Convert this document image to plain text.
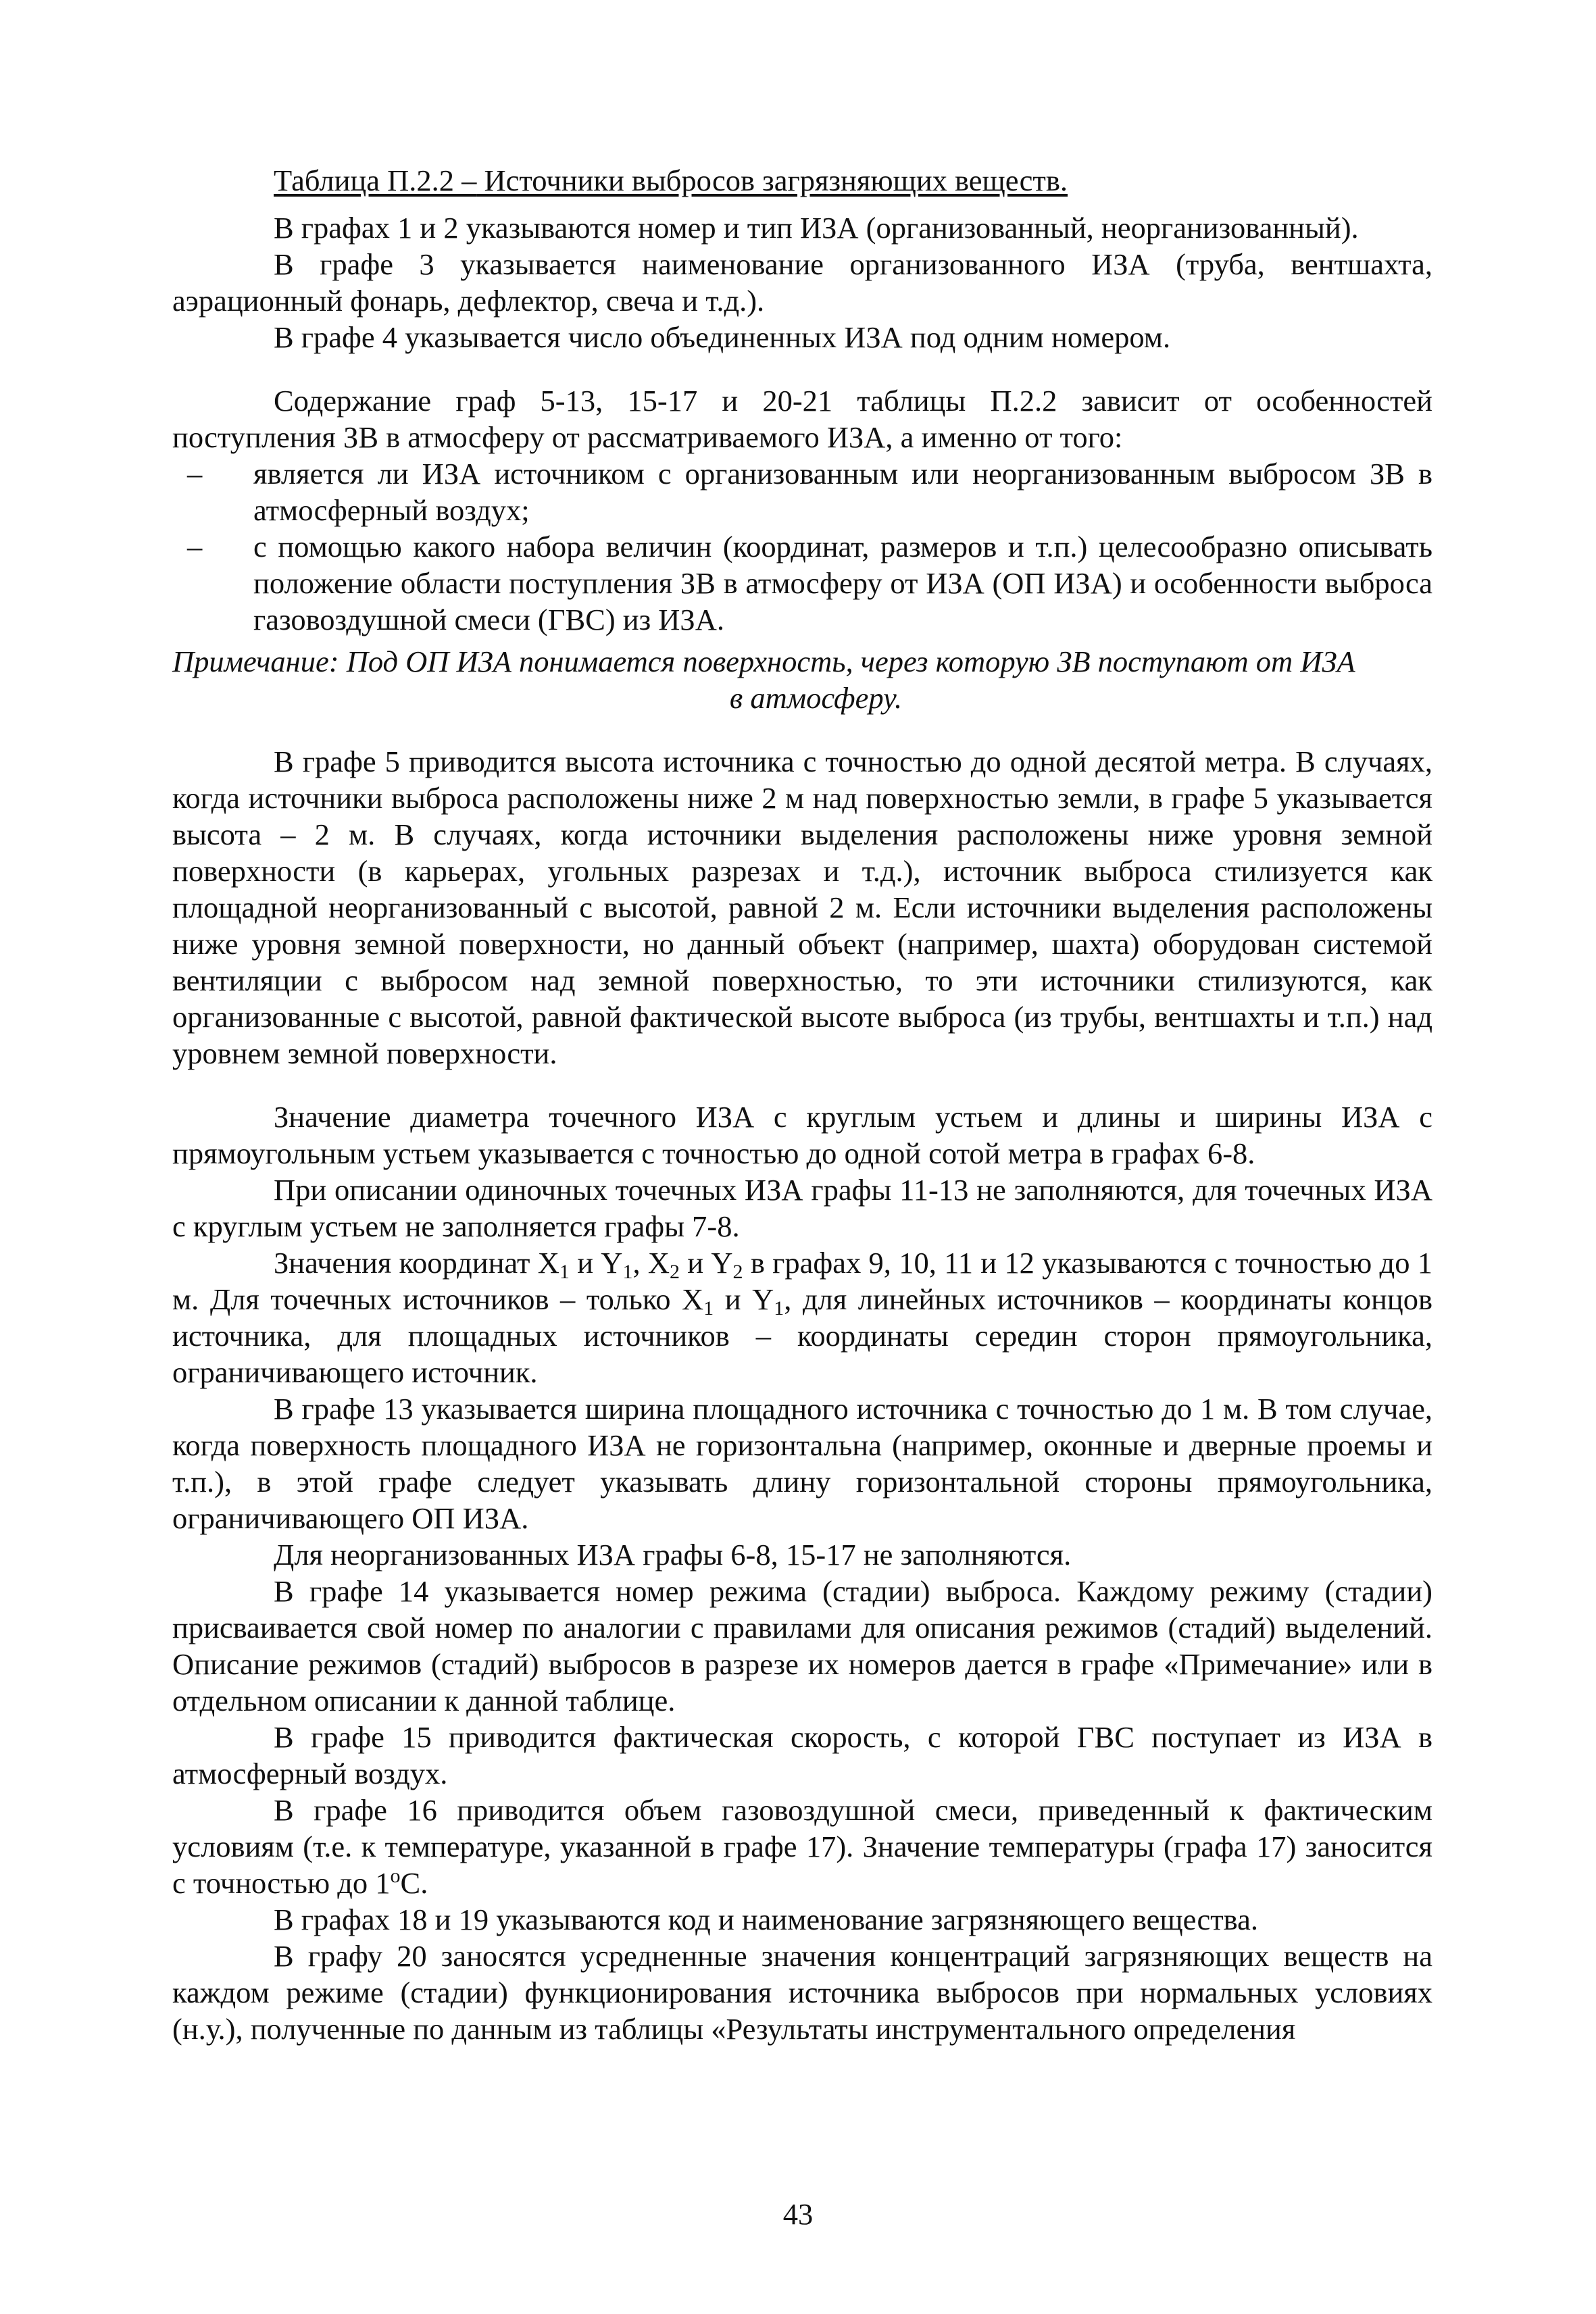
Таблица П.2.2 – Источники выбросов загрязняющих веществ.

В графах 1 и 2 указываются номер и тип ИЗА (организованный, неорганизованный).

В графе 3 указывается наименование организованного ИЗА (труба, вентшахта, аэрационный фонарь, дефлектор, свеча и т.д.).

В графе 4 указывается число объединенных ИЗА под одним номером.

Содержание граф 5-13, 15-17 и 20-21 таблицы П.2.2 зависит от особенностей поступления ЗВ в атмосферу от рассматриваемого ИЗА, а именно от того:

– является ли ИЗА источником с организованным или неорганизованным выбросом ЗВ в атмосферный воздух;
– с помощью какого набора величин (координат, размеров и т.п.) целесообразно описывать положение области поступления ЗВ в атмосферу от ИЗА (ОП ИЗА) и особенности выброса газовоздушной смеси (ГВС) из ИЗА.

Примечание: Под ОП ИЗА понимается поверхность, через которую ЗВ поступают от ИЗА
в атмосферу.

В графе 5 приводится высота источника с точностью до одной десятой метра. В случаях, когда источники выброса расположены ниже 2 м над поверхностью земли, в графе 5 указывается высота – 2 м. В случаях, когда источники выделения расположены ниже уровня земной поверхности (в карьерах, угольных разрезах и т.д.), источник выброса стилизуется как площадной неорганизованный с высотой, равной 2 м. Если источники выделения расположены ниже уровня земной поверхности, но данный объект (например, шахта) оборудован системой вентиляции с выбросом над земной поверхностью, то эти источники стилизуются, как организованные с высотой, равной фактической высоте выброса (из трубы, вентшахты и т.п.) над уровнем земной поверхности.

Значение диаметра точечного ИЗА с круглым устьем и длины и ширины ИЗА с прямоугольным устьем указывается с точностью до одной сотой метра в графах 6-8.

При описании одиночных точечных ИЗА графы 11-13 не заполняются, для точечных ИЗА с круглым устьем не заполняется графы 7-8.

Значения координат $X_1$ и $Y_1$, $X_2$ и $Y_2$ в графах 9, 10, 11 и 12 указываются с точностью до 1 м. Для точечных источников – только $X_1$ и $Y_1$, для линейных источников – координаты концов источника, для площадных источников – координаты середин сторон прямоугольника, ограничивающего источник.

В графе 13 указывается ширина площадного источника с точностью до 1 м. В том случае, когда поверхность площадного ИЗА не горизонтальна (например, оконные и дверные проемы и т.п.), в этой графе следует указывать длину горизонтальной стороны прямоугольника, ограничивающего ОП ИЗА.

Для неорганизованных ИЗА графы 6-8, 15-17 не заполняются.

В графе 14 указывается номер режима (стадии) выброса. Каждому режиму (стадии) присваивается свой номер по аналогии с правилами для описания режимов (стадий) выделений. Описание режимов (стадий) выбросов в разрезе их номеров дается в графе «Примечание» или в отдельном описании к данной таблице.

В графе 15 приводится фактическая скорость, с которой ГВС поступает из ИЗА в атмосферный воздух.

В графе 16 приводится объем газовоздушной смеси, приведенный к фактическим условиям (т.е. к температуре, указанной в графе 17). Значение температуры (графа 17) заносится с точностью до $1^оС$.

В графах 18 и 19 указываются код и наименование загрязняющего вещества.

В графу 20 заносятся усредненные значения концентраций загрязняющих веществ на каждом режиме (стадии) функционирования источника выбросов при нормальных условиях (н.у.), полученные по данным из таблицы «Результаты инструментального определения

43
